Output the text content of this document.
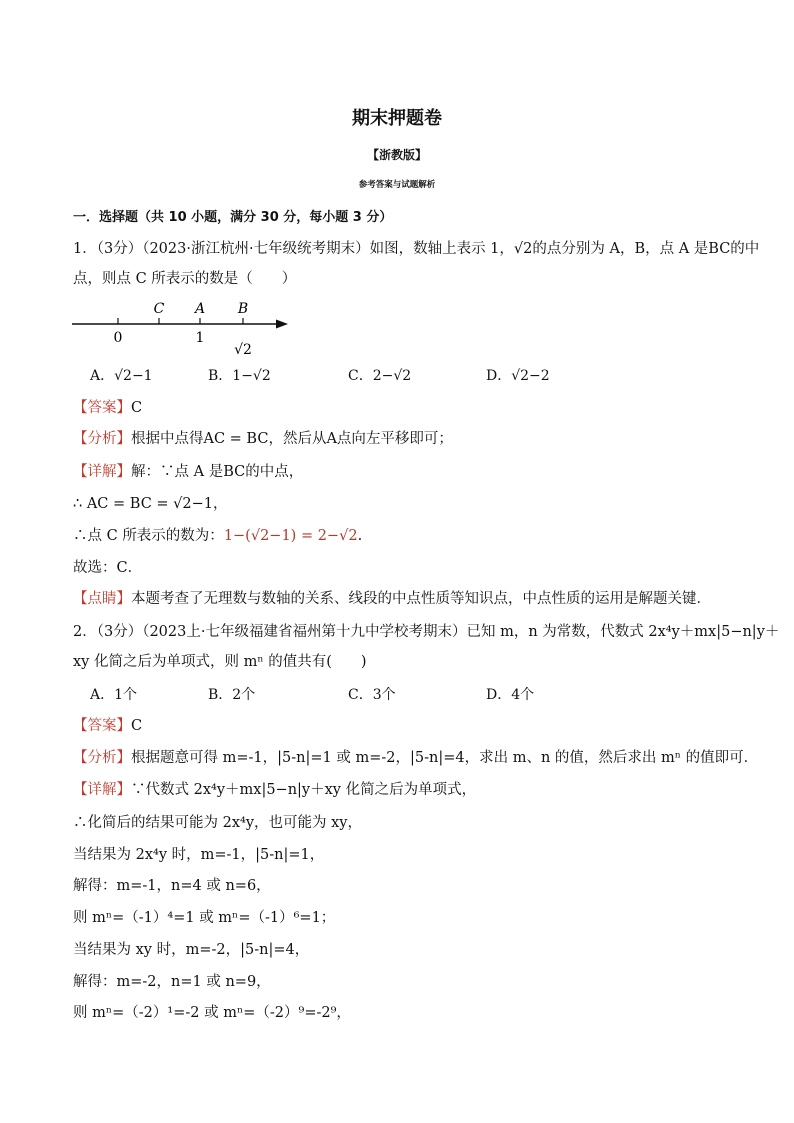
期末押题卷
【浙教版】
参考答案与试题解析
一．选择题（共 10 小题，满分 30 分，每小题 3 分）
1．（3分）（2023·浙江杭州·七年级统考期末）如图，数轴上表示 1，√2的点分别为 A，B，点 A 是BC的中
点，则点 C 所表示的数是（　　）
C A B
0	1
√2
A．√2−1	B．1−√2	C．2−√2	D．√2−2
【答案】C
【分析】根据中点得AC = BC，然后从A点向左平移即可；
【详解】解：∵点 A 是BC的中点，
∴ AC = BC = √2−1，
∴点 C 所表示的数为：1−(√2−1) = 2−√2.
故选：C．
【点睛】本题考查了无理数与数轴的关系、线段的中点性质等知识点，中点性质的运用是解题关键．
2．（3分）（2023上·七年级福建省福州第十九中学校考期末）已知 m，n 为常数，代数式 2x⁴y＋mx|5−n|y＋
xy 化简之后为单项式，则 mⁿ 的值共有(　　)
A．1个	B．2个	C．3个	D．4个
【答案】C
【分析】根据题意可得 m=-1，|5-n|=1 或 m=-2，|5-n|=4，求出 m、n 的值，然后求出 mⁿ 的值即可．
【详解】∵代数式 2x⁴y＋mx|5−n|y＋xy 化简之后为单项式，
∴化简后的结果可能为 2x⁴y，也可能为 xy，
当结果为 2x⁴y 时，m=-1，|5-n|=1，
解得：m=-1，n=4 或 n=6，
则 mⁿ=（-1）⁴=1 或 mⁿ=（-1）⁶=1；
当结果为 xy 时，m=-2，|5-n|=4，
解得：m=-2，n=1 或 n=9，
则 mⁿ=（-2）¹=-2 或 mⁿ=（-2）⁹=-2⁹，
